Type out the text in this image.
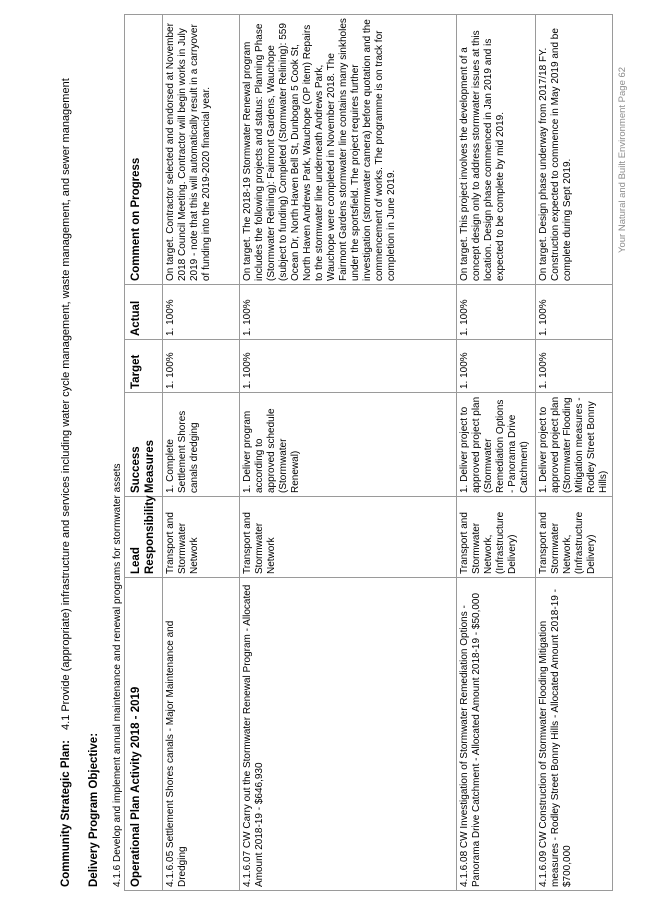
Community Strategic Plan:4.1 Provide (appropriate) infrastructure and services including water cycle management, waste management, and sewer management
Delivery Program Objective: 4.1.6 Develop and implement annual maintenance and renewal programs for stormwater assets Operational Plan Activity 2018 - 2019	Lead Responsibility	Success Measures	Target	Actual	Comment on Progress
4.1.6.05 Settlement Shores canals - Major Maintenance and Dredging	Transport and Stormwater Network	1. Complete Settlement Shores canals dredging	1. 100%	1. 100%	On target. Contractor selected and endorsed at November 2018 Council Meeting. Contractor will begin works in July 2019 - note that this will automatically result in a carryover of funding into the 2019-2020 financial year.
4.1.6.07 CW Carry out the Stormwater Renewal Program - Allocated Amount 2018-19 - $646,930	Transport and Stormwater Network	1. Deliver program according to approved schedule (Stormwater Renewal)	1. 100%	1. 100%	On target. The 2018-19 Stormwater Renewal program includes the following projects and status: Planning Phase (Stormwater Relining): Fairmont Gardens, Wauchope (subject to funding) Completed (Stormwater Relining): 559 Ocean Dr, North Haven Bell St, Dunbogan 5 Cook St, North Haven Andrews Park, Wauchope (OP item) Repairs to the stormwater line underneath Andrews Park, Wauchope were completed in November 2018. The Fairmont Gardens stormwater line contains many sinkholes under the sportsfield. The project requires further investigation (stormwater camera) before quotation and the commencement of works. The programme is on track for completion in June 2019.
4.1.6.08 CW Investigation of Stormwater Remediation Options - Panorama Drive Catchment - Allocated Amount 2018-19 - $50,000	Transport and Stormwater Network, (Infrastructure Delivery)	1. Deliver project to approved project plan (Stormwater Remediation Options - Panorama Drive Catchment)	1. 100%	1. 100%	On target. This project involves the development of a concept design only to address stormwater issues at this location. Design phase commenced in Jan 2019 and is expected to be complete by mid 2019.
4.1.6.09 CW Construction of Stormwater Flooding Mitigation measures - Rodley Street Bonny Hills - Allocated Amount 2018-19 - $700,000	Transport and Stormwater Network, (Infrastructure Delivery)	1. Deliver project to approved project plan (Stormwater Flooding Mitigation measures - Rodley Street Bonny Hills)	1. 100%	1. 100%	On target. Design phase underway from 2017/18 FY. Construction expected to commence in May 2019 and be complete during Sept 2019.	Your Natural and Built Environment Page 62
